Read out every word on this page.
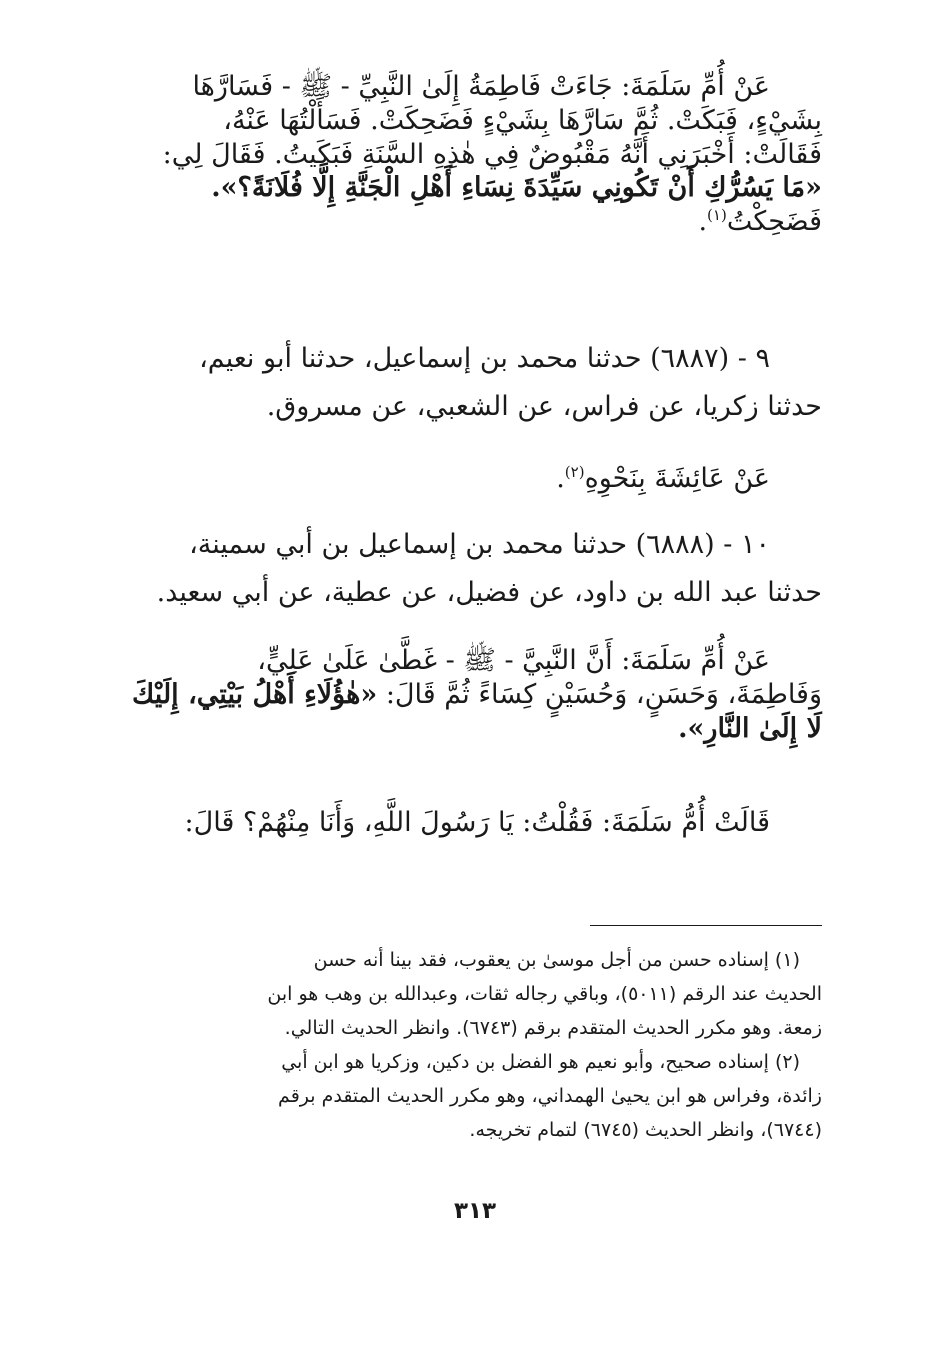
عَنْ أُمِّ سَلَمَةَ: جَاءَتْ فَاطِمَةُ إِلَىٰ النَّبِيِّ - ﷺ - فَسَارَّهَا
بِشَيْءٍ، فَبَكَتْ. ثُمَّ سَارَّهَا بِشَيْءٍ فَضَحِكَتْ. فَسَأَلْتُهَا عَنْهُ،
فَقَالَتْ: أَخْبَرَنِي أَنَّهُ مَقْبُوضٌ فِي هٰذِهِ السَّنَةِ فَبَكَيتُ. فَقَالَ لِي:
«مَا يَسُرُّكِ أَنْ تَكُونِي سَيِّدَةَ نِسَاءِ أَهْلِ الْجَنَّةِ إِلَّا فُلَانَةً؟».
فَضَحِكْتُ$^{(١)}$.
٩ - (٦٨٨٧) حدثنا محمد بن إسماعيل، حدثنا أبو نعيم،
حدثنا زكريا، عن فراس، عن الشعبي، عن مسروق.
عَنْ عَائِشَةَ بِنَحْوِهِ$^{(٢)}$.
١٠ - (٦٨٨٨) حدثنا محمد بن إسماعيل بن أبي سمينة،
حدثنا عبد الله بن داود، عن فضيل، عن عطية، عن أبي سعيد.
عَنْ أُمِّ سَلَمَةَ: أَنَّ النَّبِيَّ - ﷺ - غَطَّىٰ عَلَىٰ عَلِيٍّ،
وَفَاطِمَةَ، وَحَسَنٍ، وَحُسَيْنٍ كِسَاءً ثُمَّ قَالَ: «هٰؤُلَاءِ أَهْلُ بَيْتِي، إِلَيْكَ
لَا إِلَىٰ النَّارِ».
قَالَتْ أُمُّ سَلَمَةَ: فَقُلْتُ: يَا رَسُولَ اللَّهِ، وَأَنَا مِنْهُمْ؟ قَالَ:
(١) إسناده حسن من أجل موسىٰ بن يعقوب، فقد بينا أنه حسن
الحديث عند الرقم (٥٠١١)، وباقي رجاله ثقات، وعبدالله بن وهب هو ابن
زمعة. وهو مكرر الحديث المتقدم برقم (٦٧٤٣). وانظر الحديث التالي.
(٢) إسناده صحيح، وأبو نعيم هو الفضل بن دكين، وزكريا هو ابن أبي
زائدة، وفراس هو ابن يحيىٰ الهمداني، وهو مكرر الحديث المتقدم برقم
(٦٧٤٤)، وانظر الحديث (٦٧٤٥) لتمام تخريجه.
٣١٣
